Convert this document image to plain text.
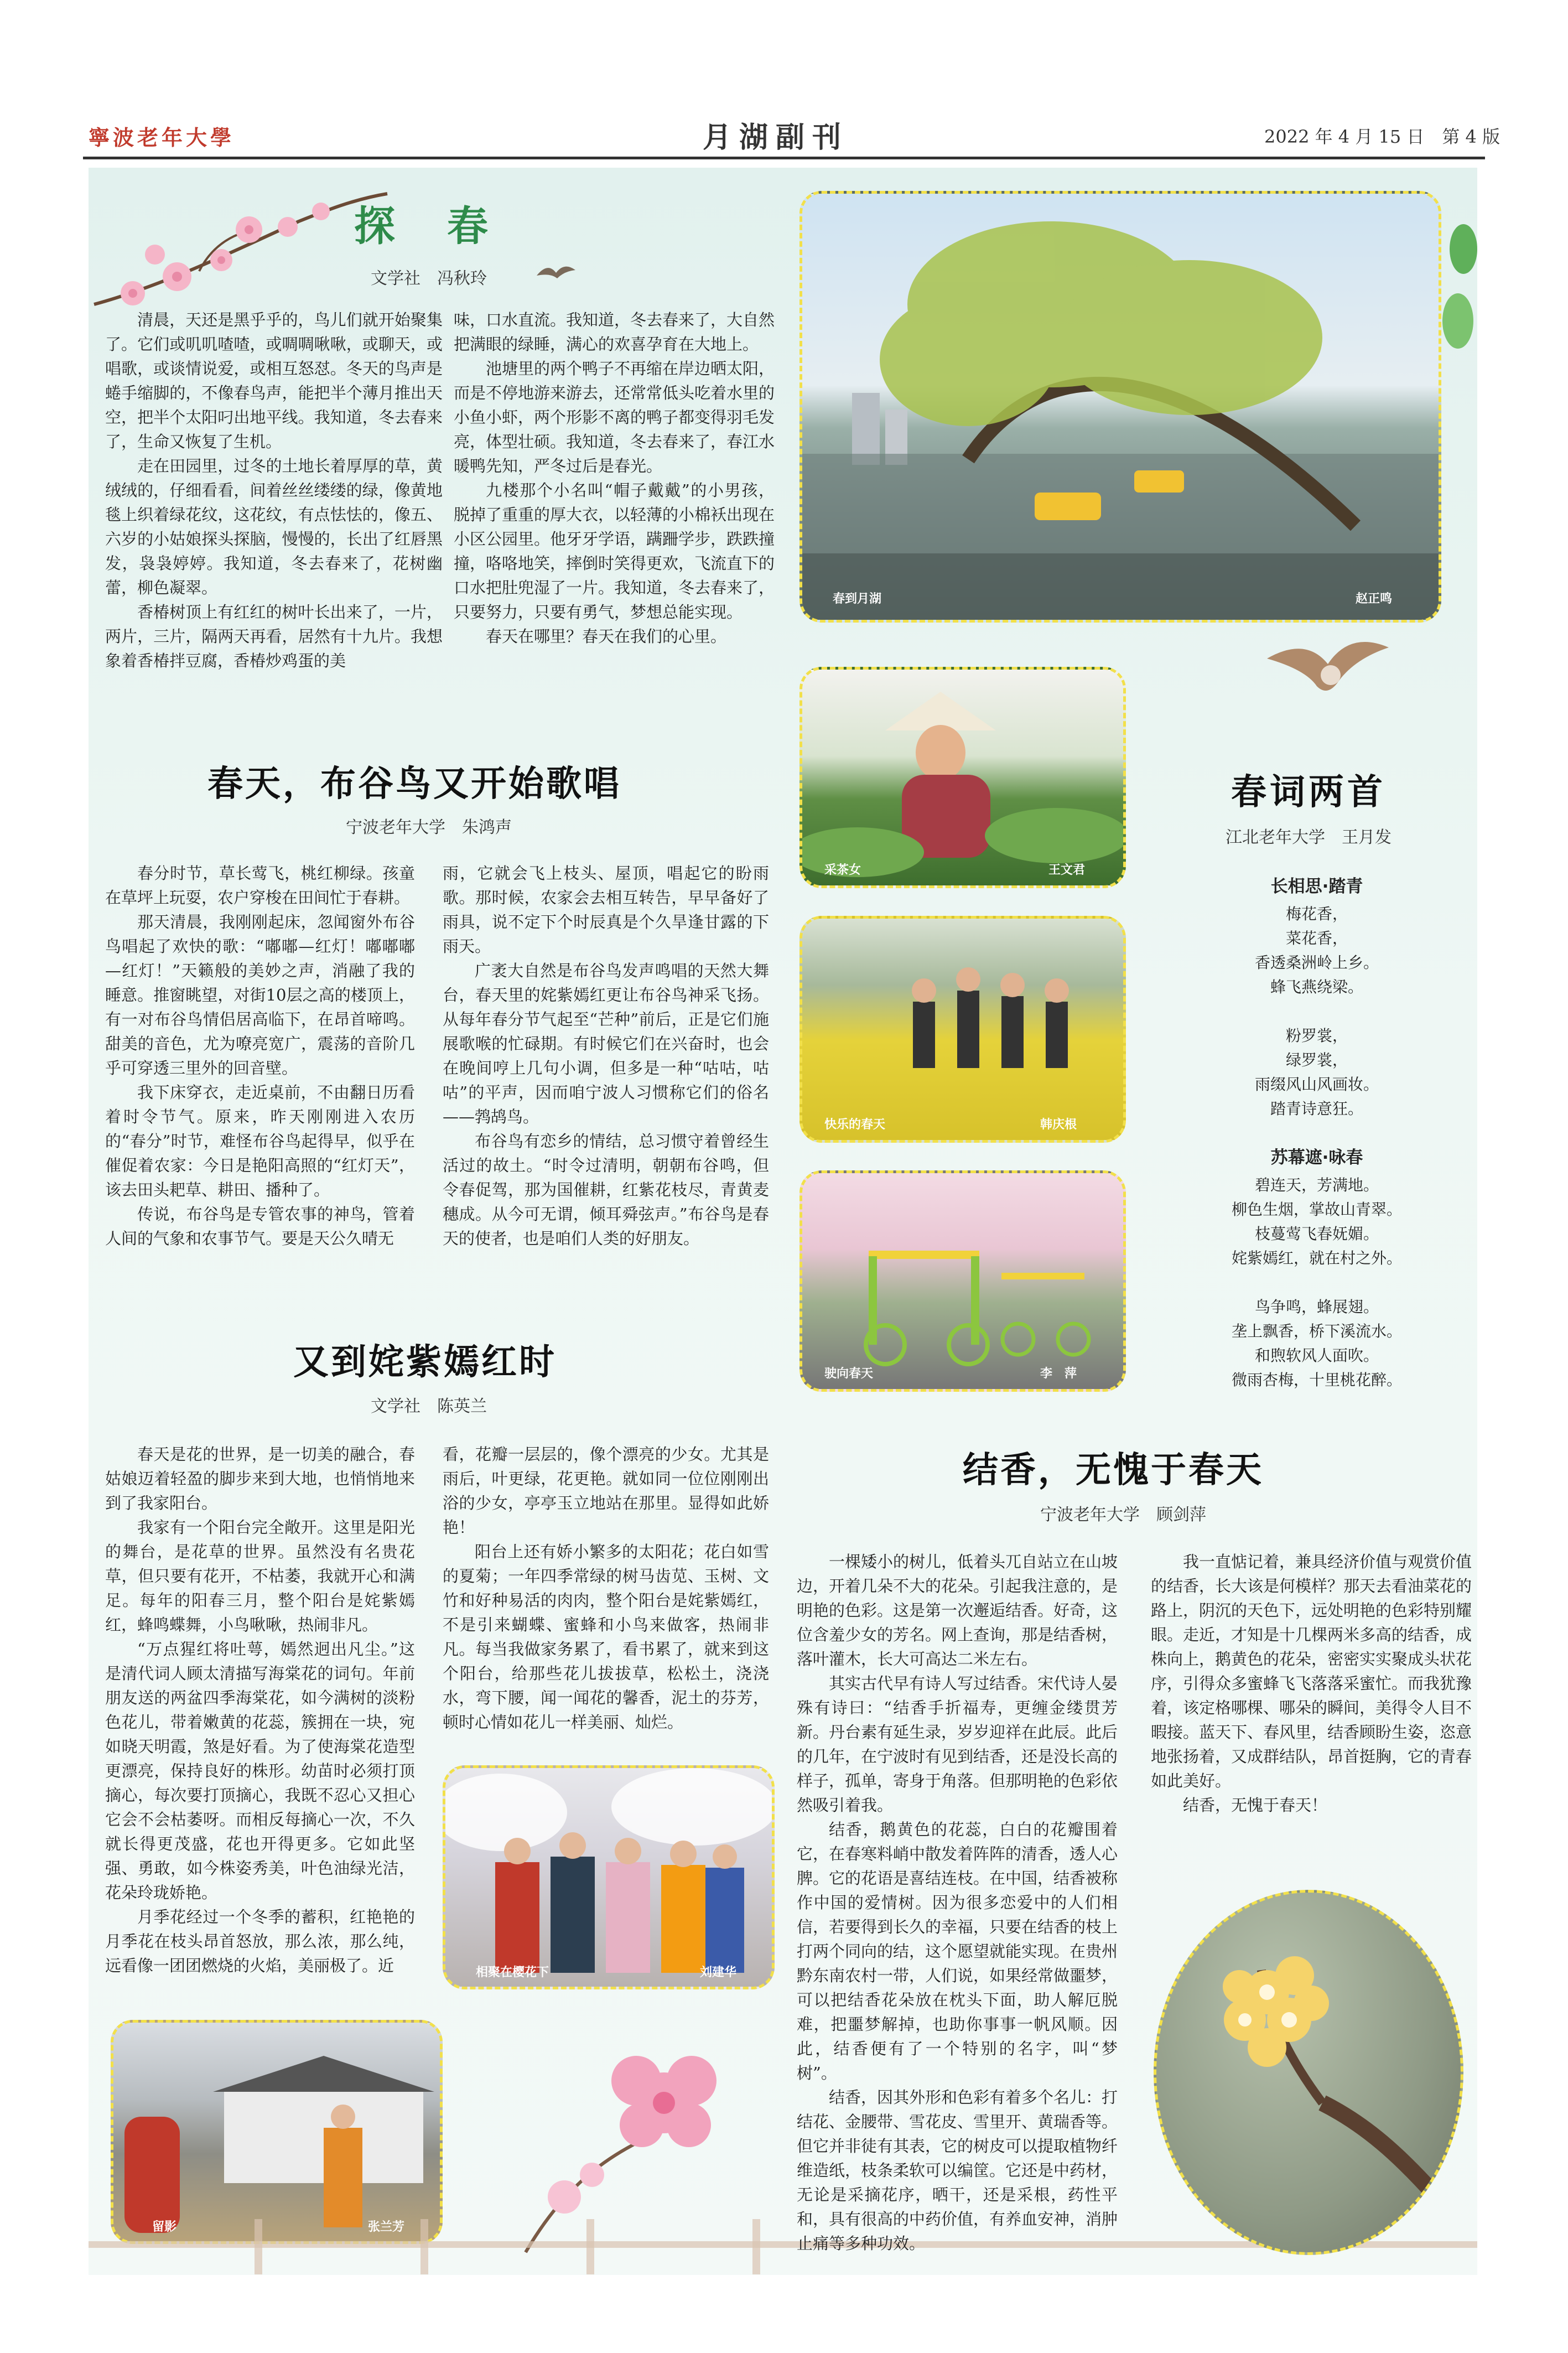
寧波老年大學	月湖副刊	2022 年 4 月 15 日　第 4 版
探　春
文学社　冯秋玲

清晨，天还是黑乎乎的，鸟儿们就开始聚集了。它们或叽叽喳喳，或啁啁啾啾，或聊天，或唱歌，或谈情说爱，或相互怒怼。冬天的鸟声是蜷手缩脚的，不像春鸟声，能把半个薄月推出天空，把半个太阳叼出地平线。我知道，冬去春来了，生命又恢复了生机。

走在田园里，过冬的土地长着厚厚的草，黄绒绒的，仔细看看，间着丝丝缕缕的绿，像黄地毯上织着绿花纹，这花纹，有点怯怯的，像五、六岁的小姑娘探头探脑，慢慢的，长出了红唇黑发，袅袅婷婷。我知道，冬去春来了，花树幽蕾，柳色凝翠。

香椿树顶上有红红的树叶长出来了，一片，两片，三片，隔两天再看，居然有十九片。我想象着香椿拌豆腐，香椿炒鸡蛋的美

味，口水直流。我知道，冬去春来了，大自然把满眼的绿睡，满心的欢喜孕育在大地上。

池塘里的两个鸭子不再缩在岸边晒太阳，而是不停地游来游去，还常常低头吃着水里的小鱼小虾，两个形影不离的鸭子都变得羽毛发亮，体型壮硕。我知道，冬去春来了，春江水暖鸭先知，严冬过后是春光。

九楼那个小名叫“帽子戴戴”的小男孩，脱掉了重重的厚大衣，以轻薄的小棉袄出现在小区公园里。他牙牙学语，蹒跚学步，跌跌撞撞，咯咯地笑，摔倒时笑得更欢，飞流直下的口水把肚兜湿了一片。我知道，冬去春来了，只要努力，只要有勇气，梦想总能实现。

春天在哪里？春天在我们的心里。

春到月湖	赵正鸣
采茶女	王文君
快乐的春天	韩庆根
驶向春天	李　萍
春天，布谷鸟又开始歌唱
宁波老年大学　朱鸿声

春分时节，草长莺飞，桃红柳绿。孩童在草坪上玩耍，农户穿梭在田间忙于春耕。

那天清晨，我刚刚起床，忽闻窗外布谷鸟唱起了欢快的歌：“嘟嘟—红灯！嘟嘟嘟—红灯！”天籁般的美妙之声，消融了我的睡意。推窗眺望，对街10层之高的楼顶上，有一对布谷鸟情侣居高临下，在昂首啼鸣。甜美的音色，尤为嘹亮宽广，震荡的音阶几乎可穿透三里外的回音壁。

我下床穿衣，走近桌前，不由翻日历看着时令节气。原来，昨天刚刚进入农历的“春分”时节，难怪布谷鸟起得早，似乎在催促着农家：今日是艳阳高照的“红灯天”，该去田头耙草、耕田、播种了。

传说，布谷鸟是专管农事的神鸟，管着人间的气象和农事节气。要是天公久晴无

雨，它就会飞上枝头、屋顶，唱起它的盼雨歌。那时候，农家会去相互转告，早早备好了雨具，说不定下个时辰真是个久旱逢甘露的下雨天。

广袤大自然是布谷鸟发声鸣唱的天然大舞台，春天里的姹紫嫣红更让布谷鸟神采飞扬。从每年春分节气起至“芒种”前后，正是它们施展歌喉的忙碌期。有时候它们在兴奋时，也会在晚间哼上几句小调，但多是一种“咕咕，咕咕”的平声，因而咱宁波人习惯称它们的俗名——鹁鸪鸟。

布谷鸟有恋乡的情结，总习惯守着曾经生活过的故土。“时令过清明，朝朝布谷鸣，但令春促驾，那为国催耕，红紫花枝尽，青黄麦穗成。从今可无谓，倾耳舜弦声。”布谷鸟是春天的使者，也是咱们人类的好朋友。

春词两首
江北老年大学　王月发
长相思·踏青
梅花香，
菜花香，
香透桑洲岭上乡。
蜂飞燕绕梁。
粉罗裳，
绿罗裳，
雨缀风山风画妆。
踏青诗意狂。
苏幕遮·咏春
碧连天，芳满地。
柳色生烟，掌故山青翠。
枝蔓莺飞春妩媚。
姹紫嫣红，就在村之外。
鸟争鸣，蜂展翅。
垄上飘香，桥下溪流水。
和煦软风人面吹。
微雨杏梅，十里桃花醉。
又到姹紫嫣红时
文学社　陈英兰

春天是花的世界，是一切美的融合，春姑娘迈着轻盈的脚步来到大地，也悄悄地来到了我家阳台。

我家有一个阳台完全敞开。这里是阳光的舞台，是花草的世界。虽然没有名贵花草，但只要有花开，不枯萎，我就开心和满足。每年的阳春三月，整个阳台是姹紫嫣红，蜂鸣蝶舞，小鸟啾啾，热闹非凡。

“万点猩红将吐萼，嫣然迥出凡尘。”这是清代词人顾太清描写海棠花的词句。年前朋友送的两盆四季海棠花，如今满树的淡粉色花儿，带着嫩黄的花蕊，簇拥在一块，宛如晓天明霞，煞是好看。为了使海棠花造型更漂亮，保持良好的株形。幼苗时必须打顶摘心，每次要打顶摘心，我既不忍心又担心它会不会枯萎呀。而相反每摘心一次，不久就长得更茂盛，花也开得更多。它如此坚强、勇敢，如今株姿秀美，叶色油绿光洁，花朵玲珑娇艳。

月季花经过一个冬季的蓄积，红艳艳的月季花在枝头昂首怒放，那么浓，那么纯，远看像一团团燃烧的火焰，美丽极了。近

看，花瓣一层层的，像个漂亮的少女。尤其是雨后，叶更绿，花更艳。就如同一位位刚刚出浴的少女，亭亭玉立地站在那里。显得如此娇艳！

阳台上还有娇小繁多的太阳花；花白如雪的夏菊；一年四季常绿的树马齿苋、玉树、文竹和好种易活的肉肉，整个阳台是姹紫嫣红，不是引来蝴蝶、蜜蜂和小鸟来做客，热闹非凡。每当我做家务累了，看书累了，就来到这个阳台，给那些花儿拔拔草，松松土，浇浇水，弯下腰，闻一闻花的馨香，泥土的芬芳，顿时心情如花儿一样美丽、灿烂。

相聚在樱花下	刘建华
留影	张兰芳
结香，无愧于春天
宁波老年大学　顾剑萍

一棵矮小的树儿，低着头兀自站立在山坡边，开着几朵不大的花朵。引起我注意的，是明艳的色彩。这是第一次邂逅结香。好奇，这位含羞少女的芳名。网上查询，那是结香树，落叶灌木，长大可高达二米左右。

其实古代早有诗人写过结香。宋代诗人晏殊有诗曰：“结香手折福寿，更缠金缕贯芳新。丹台素有延生录，岁岁迎祥在此辰。此后的几年，在宁波时有见到结香，还是没长高的样子，孤单，寄身于角落。但那明艳的色彩依然吸引着我。

结香，鹅黄色的花蕊，白白的花瓣围着它，在春寒料峭中散发着阵阵的清香，透人心脾。它的花语是喜结连枝。在中国，结香被称作中国的爱情树。因为很多恋爱中的人们相信，若要得到长久的幸福，只要在结香的枝上打两个同向的结，这个愿望就能实现。在贵州黔东南农村一带，人们说，如果经常做噩梦，可以把结香花朵放在枕头下面，助人解厄脱难，把噩梦解掉，也助你事事一帆风顺。因此，结香便有了一个特别的名字，叫“梦树”。

结香，因其外形和色彩有着多个名儿：打结花、金腰带、雪花皮、雪里开、黄瑞香等。但它并非徒有其表，它的树皮可以提取植物纤维造纸，枝条柔软可以编筐。它还是中药材，无论是采摘花序，晒干，还是采根，药性平和，具有很高的中药价值，有养血安神，消肿止痛等多种功效。

我一直惦记着，兼具经济价值与观赏价值的结香，长大该是何模样？那天去看油菜花的路上，阴沉的天色下，远处明艳的色彩特别耀眼。走近，才知是十几棵两米多高的结香，成株向上，鹅黄色的花朵，密密实实聚成头状花序，引得众多蜜蜂飞飞落落采蜜忙。而我犹豫着，该定格哪棵、哪朵的瞬间，美得令人目不暇接。蓝天下、春风里，结香顾盼生姿，恣意地张扬着，又成群结队，昂首挺胸，它的青春如此美好。

结香，无愧于春天！
